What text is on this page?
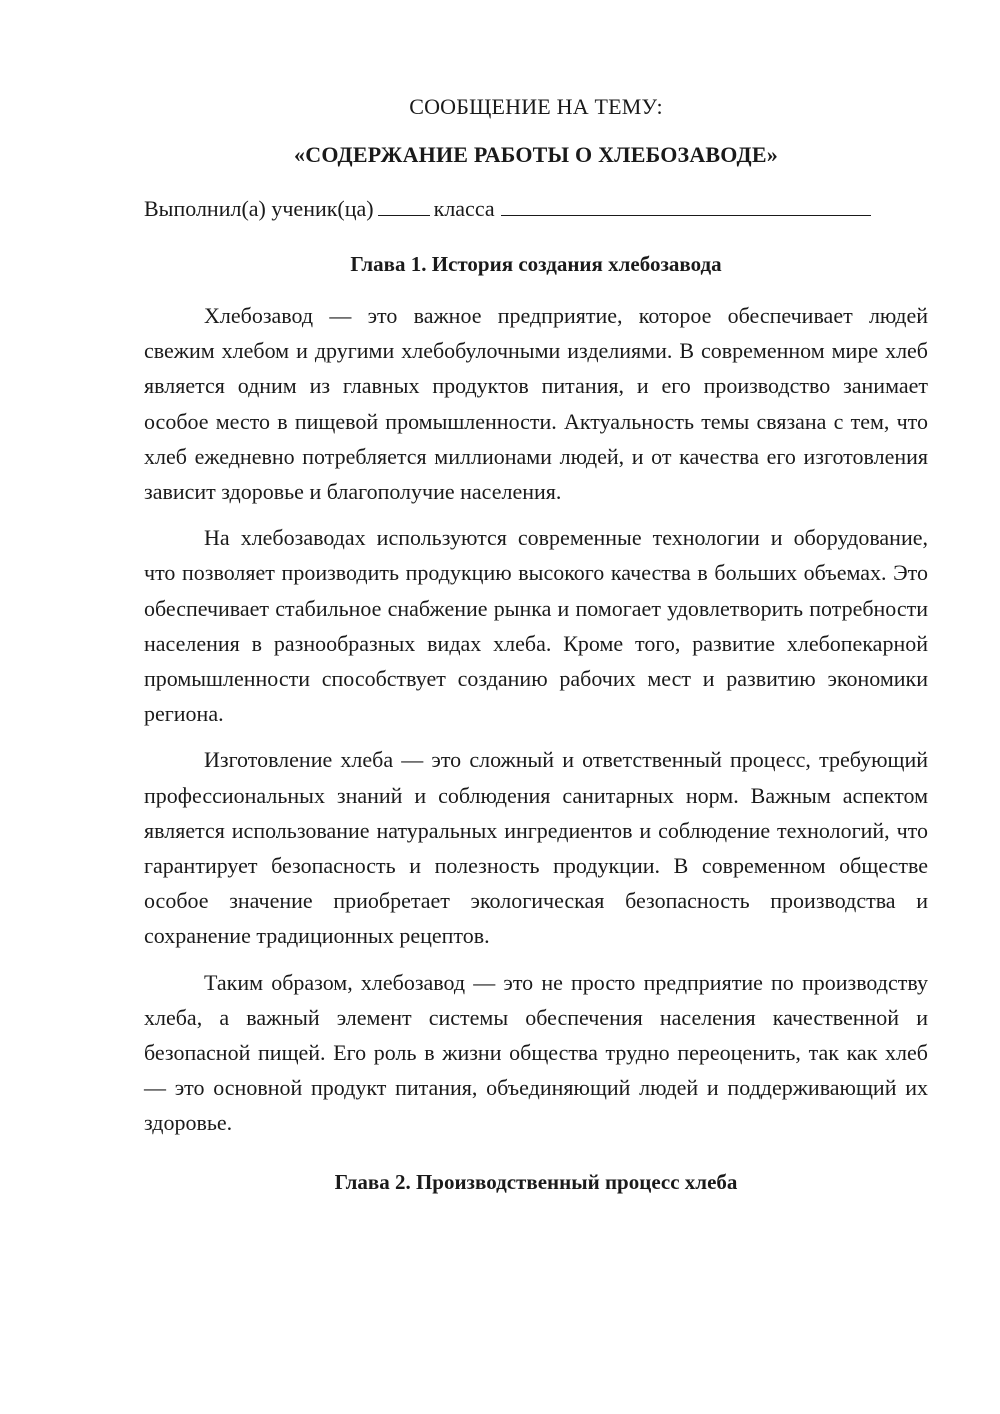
СООБЩЕНИЕ НА ТЕМУ:

«СОДЕРЖАНИЕ РАБОТЫ О ХЛЕБОЗАВОДЕ»

Выполнил(а) ученик(ца)	класса
Глава 1. История создания хлебозавода

Хлебозавод — это важное предприятие, которое обеспечивает людей свежим хлебом и другими хлебобулочными изделиями. В современном мире хлеб является одним из главных продуктов питания, и его производство занимает особое место в пищевой промышленности. Актуальность темы связана с тем, что хлеб ежедневно потребляется миллионами людей, и от качества его изготовления зависит здоровье и благополучие населения.

На хлебозаводах используются современные технологии и оборудование, что позволяет производить продукцию высокого качества в больших объемах. Это обеспечивает стабильное снабжение рынка и помогает удовлетворить потребности населения в разнообразных видах хлеба. Кроме того, развитие хлебопекарной промышленности способствует созданию рабочих мест и развитию экономики региона.

Изготовление хлеба — это сложный и ответственный процесс, требующий профессиональных знаний и соблюдения санитарных норм. Важным аспектом является использование натуральных ингредиентов и соблюдение технологий, что гарантирует безопасность и полезность продукции. В современном обществе особое значение приобретает экологическая безопасность производства и сохранение традиционных рецептов.

Таким образом, хлебозавод — это не просто предприятие по производству хлеба, а важный элемент системы обеспечения населения качественной и безопасной пищей. Его роль в жизни общества трудно переоценить, так как хлеб — это основной продукт питания, объединяющий людей и поддерживающий их здоровье.

Глава 2. Производственный процесс хлеба
